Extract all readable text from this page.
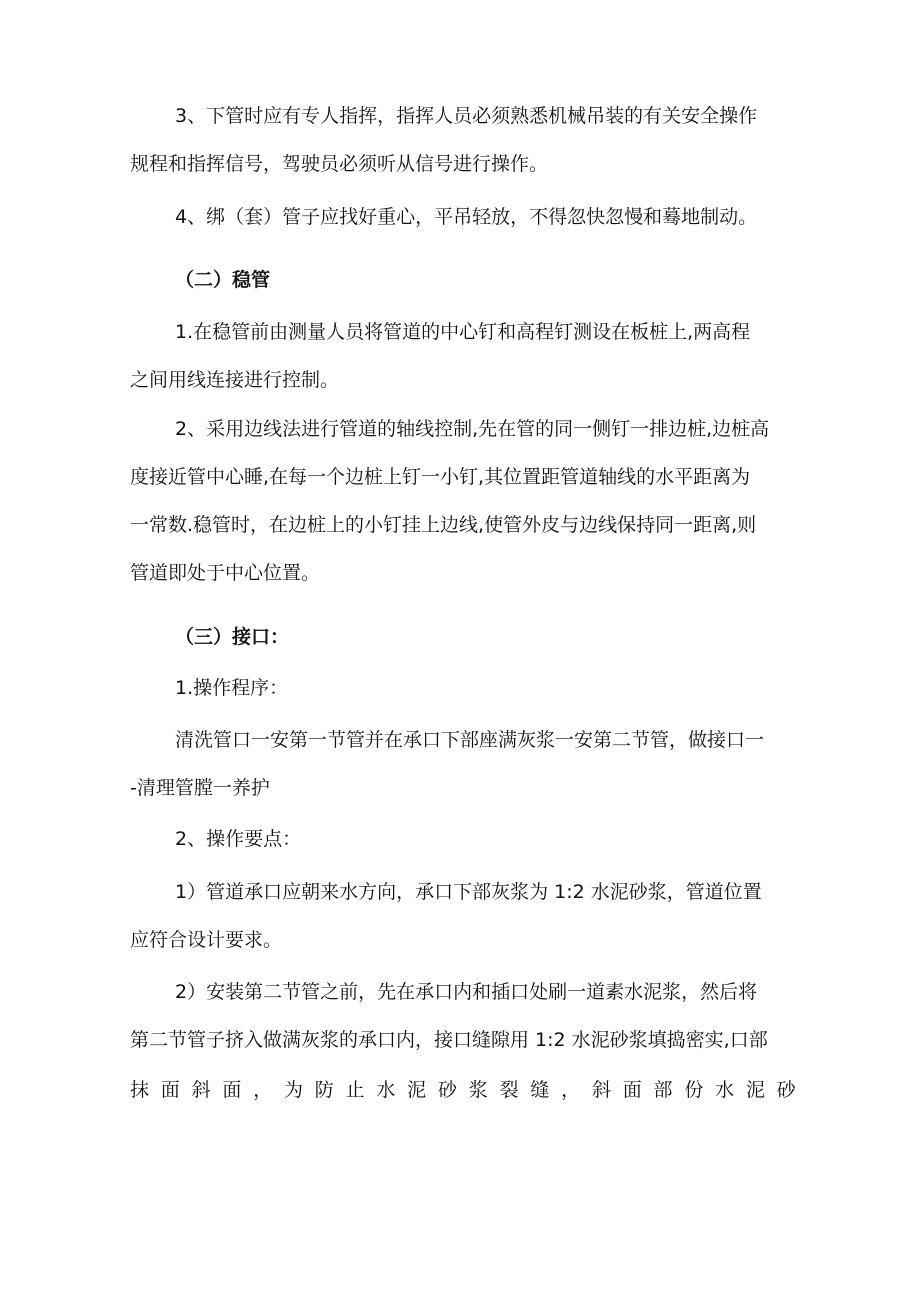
3、下管时应有专人指挥，指挥人员必须熟悉机械吊装的有关安全操作

规程和指挥信号，驾驶员必须听从信号进行操作。

4、绑（套）管子应找好重心，平吊轻放，不得忽快忽慢和蓦地制动。

（二）稳管

1.在稳管前由测量人员将管道的中心钉和高程钉测设在板桩上,两高程

之间用线连接进行控制。

2、采用边线法进行管道的轴线控制,先在管的同一侧钉一排边桩,边桩高

度接近管中心睡,在每一个边桩上钉一小钉,其位置距管道轴线的水平距离为

一常数.稳管时，在边桩上的小钉挂上边线,使管外皮与边线保持同一距离,则

管道即处于中心位置。

（三）接口：

1.操作程序：

清洗管口一安第一节管并在承口下部座满灰浆一安第二节管，做接口一

-清理管膛一养护

2、操作要点：

1）管道承口应朝来水方向，承口下部灰浆为 1:2 水泥砂浆，管道位置

应符合设计要求。

2）安装第二节管之前，先在承口内和插口处刷一道素水泥浆，然后将

第二节管子挤入做满灰浆的承口内，接口缝隙用 1:2 水泥砂浆填捣密实,口部

抹 面 斜 面 ， 为 防 止 水 泥 砂 浆 裂 缝 ， 斜 面 部 份 水 泥 砂
